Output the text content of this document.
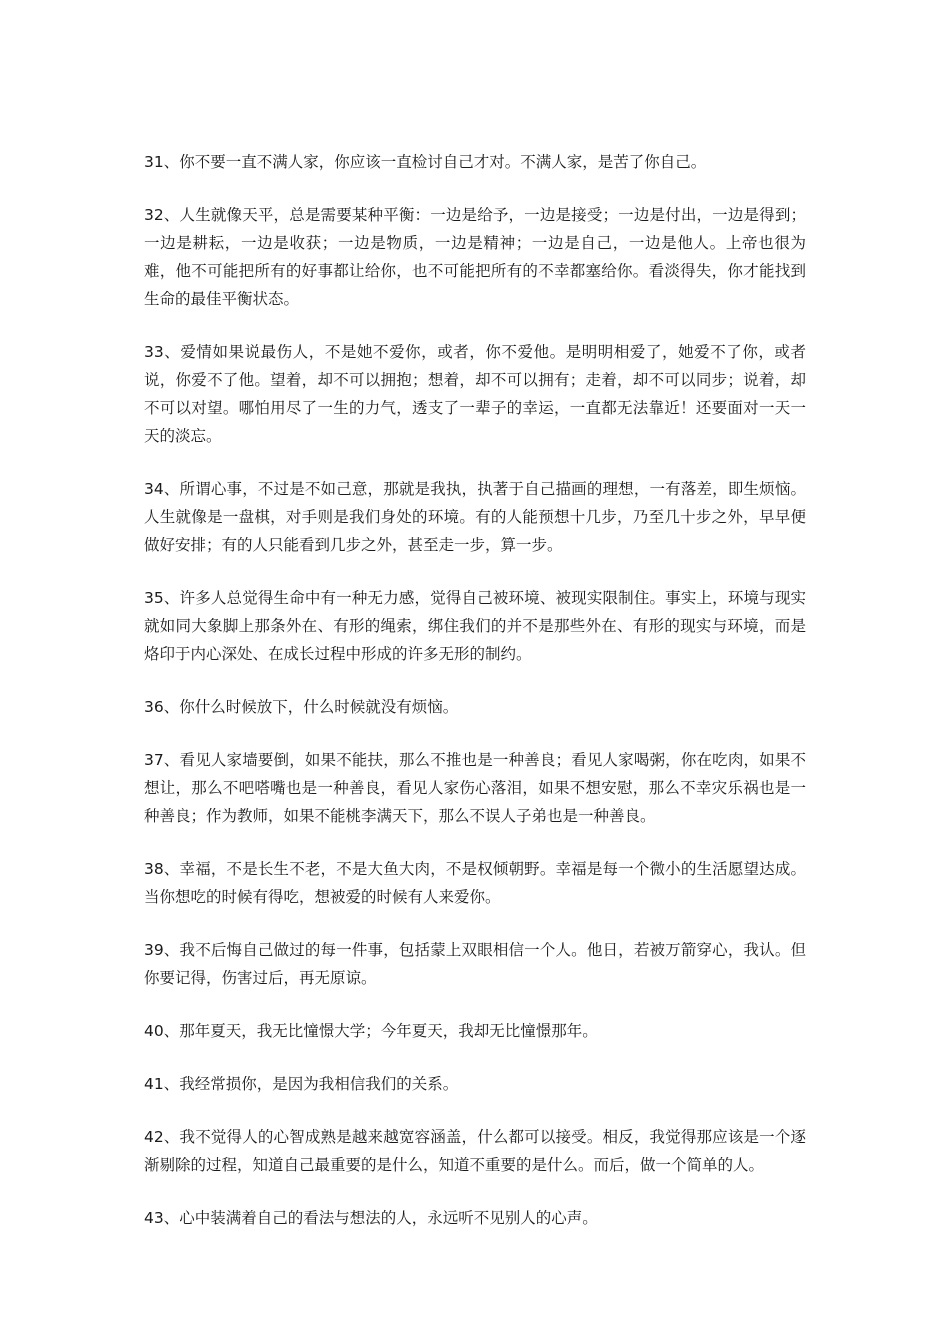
31、你不要一直不满人家，你应该一直检讨自己才对。不满人家，是苦了你自己。

32、人生就像天平，总是需要某种平衡：一边是给予，一边是接受；一边是付出，一边是得到；一边是耕耘，一边是收获；一边是物质，一边是精神；一边是自己，一边是他人。上帝也很为难，他不可能把所有的好事都让给你，也不可能把所有的不幸都塞给你。看淡得失，你才能找到生命的最佳平衡状态。

33、爱情如果说最伤人，不是她不爱你，或者，你不爱他。是明明相爱了，她爱不了你，或者说，你爱不了他。望着，却不可以拥抱；想着，却不可以拥有；走着，却不可以同步；说着，却不可以对望。哪怕用尽了一生的力气，透支了一辈子的幸运，一直都无法靠近！还要面对一天一天的淡忘。

34、所谓心事，不过是不如己意，那就是我执，执著于自己描画的理想，一有落差，即生烦恼。人生就像是一盘棋，对手则是我们身处的环境。有的人能预想十几步，乃至几十步之外，早早便做好安排；有的人只能看到几步之外，甚至走一步，算一步。

35、许多人总觉得生命中有一种无力感，觉得自己被环境、被现实限制住。事实上，环境与现实就如同大象脚上那条外在、有形的绳索，绑住我们的并不是那些外在、有形的现实与环境，而是烙印于内心深处、在成长过程中形成的许多无形的制约。

36、你什么时候放下，什么时候就没有烦恼。

37、看见人家墙要倒，如果不能扶，那么不推也是一种善良；看见人家喝粥，你在吃肉，如果不想让，那么不吧嗒嘴也是一种善良，看见人家伤心落泪，如果不想安慰，那么不幸灾乐祸也是一种善良；作为教师，如果不能桃李满天下，那么不误人子弟也是一种善良。

38、幸福，不是长生不老，不是大鱼大肉，不是权倾朝野。幸福是每一个微小的生活愿望达成。当你想吃的时候有得吃，想被爱的时候有人来爱你。

39、我不后悔自己做过的每一件事，包括蒙上双眼相信一个人。他日，若被万箭穿心，我认。但你要记得，伤害过后，再无原谅。

40、那年夏天，我无比憧憬大学；今年夏天，我却无比憧憬那年。

41、我经常损你，是因为我相信我们的关系。

42、我不觉得人的心智成熟是越来越宽容涵盖，什么都可以接受。相反，我觉得那应该是一个逐渐剔除的过程，知道自己最重要的是什么，知道不重要的是什么。而后，做一个简单的人。

43、心中装满着自己的看法与想法的人，永远听不见别人的心声。
